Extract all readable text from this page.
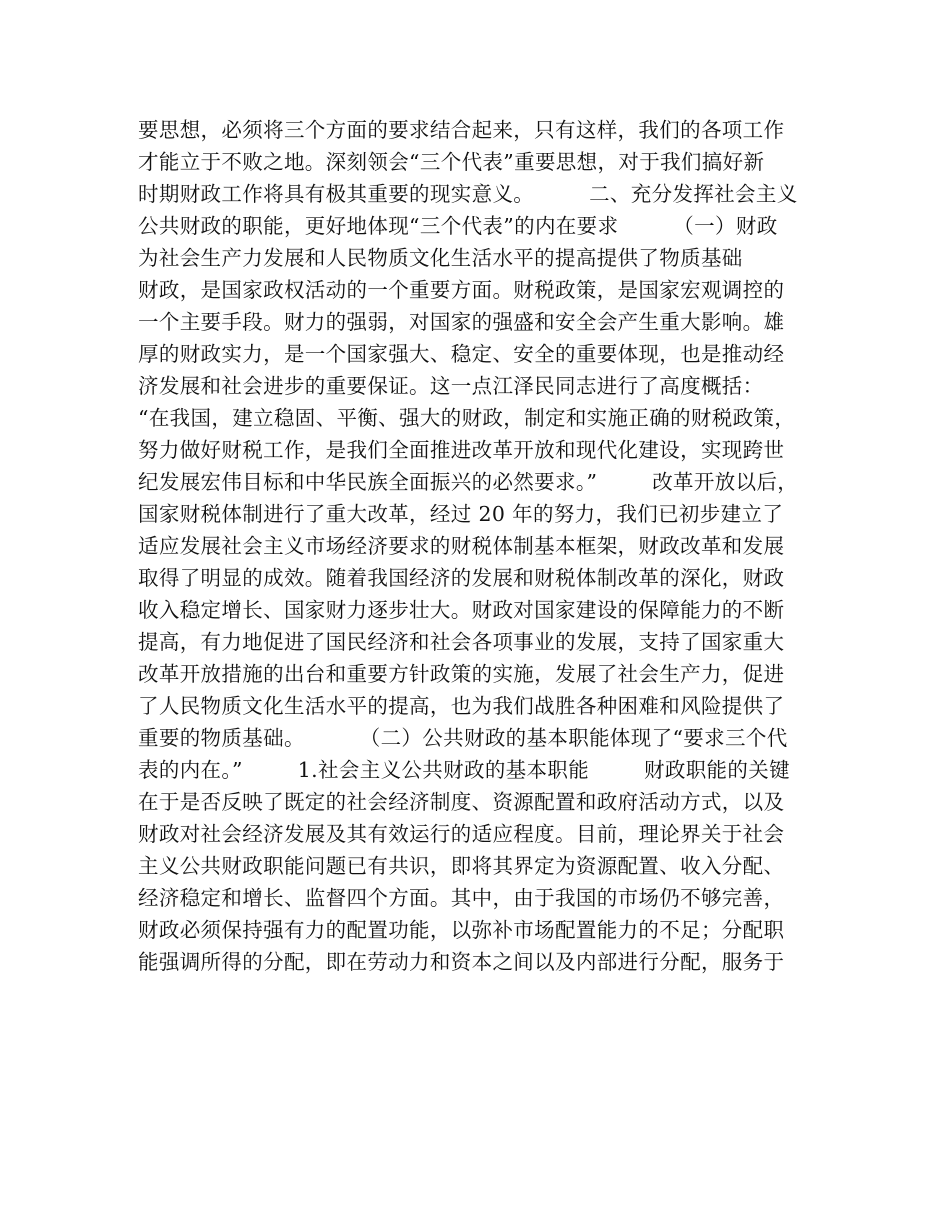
要思想，必须将三个方面的要求结合起来，只有这样，我们的各项工作
才能立于不败之地。深刻领会“三个代表”重要思想，对于我们搞好新
时期财政工作将具有极其重要的现实意义。        二、充分发挥社会主义
公共财政的职能，更好地体现“三个代表”的内在要求        （一）财政
为社会生产力发展和人民物质文化生活水平的提高提供了物质基础
财政，是国家政权活动的一个重要方面。财税政策，是国家宏观调控的
一个主要手段。财力的强弱，对国家的强盛和安全会产生重大影响。雄
厚的财政实力，是一个国家强大、稳定、安全的重要体现，也是推动经
济发展和社会进步的重要保证。这一点江泽民同志进行了高度概括：
“在我国，建立稳固、平衡、强大的财政，制定和实施正确的财税政策，
努力做好财税工作，是我们全面推进改革开放和现代化建设，实现跨世
纪发展宏伟目标和中华民族全面振兴的必然要求。”        改革开放以后，
国家财税体制进行了重大改革，经过 20 年的努力，我们已初步建立了
适应发展社会主义市场经济要求的财税体制基本框架，财政改革和发展
取得了明显的成效。随着我国经济的发展和财税体制改革的深化，财政
收入稳定增长、国家财力逐步壮大。财政对国家建设的保障能力的不断
提高，有力地促进了国民经济和社会各项事业的发展，支持了国家重大
改革开放措施的出台和重要方针政策的实施，发展了社会生产力，促进
了人民物质文化生活水平的提高，也为我们战胜各种困难和风险提供了
重要的物质基础。        （二）公共财政的基本职能体现了“要求三个代
表的内在。”        1.社会主义公共财政的基本职能        财政职能的关键
在于是否反映了既定的社会经济制度、资源配置和政府活动方式，以及
财政对社会经济发展及其有效运行的适应程度。目前，理论界关于社会
主义公共财政职能问题已有共识，即将其界定为资源配置、收入分配、
经济稳定和增长、监督四个方面。其中，由于我国的市场仍不够完善，
财政必须保持强有力的配置功能，以弥补市场配置能力的不足；分配职
能强调所得的分配，即在劳动力和资本之间以及内部进行分配，服务于
